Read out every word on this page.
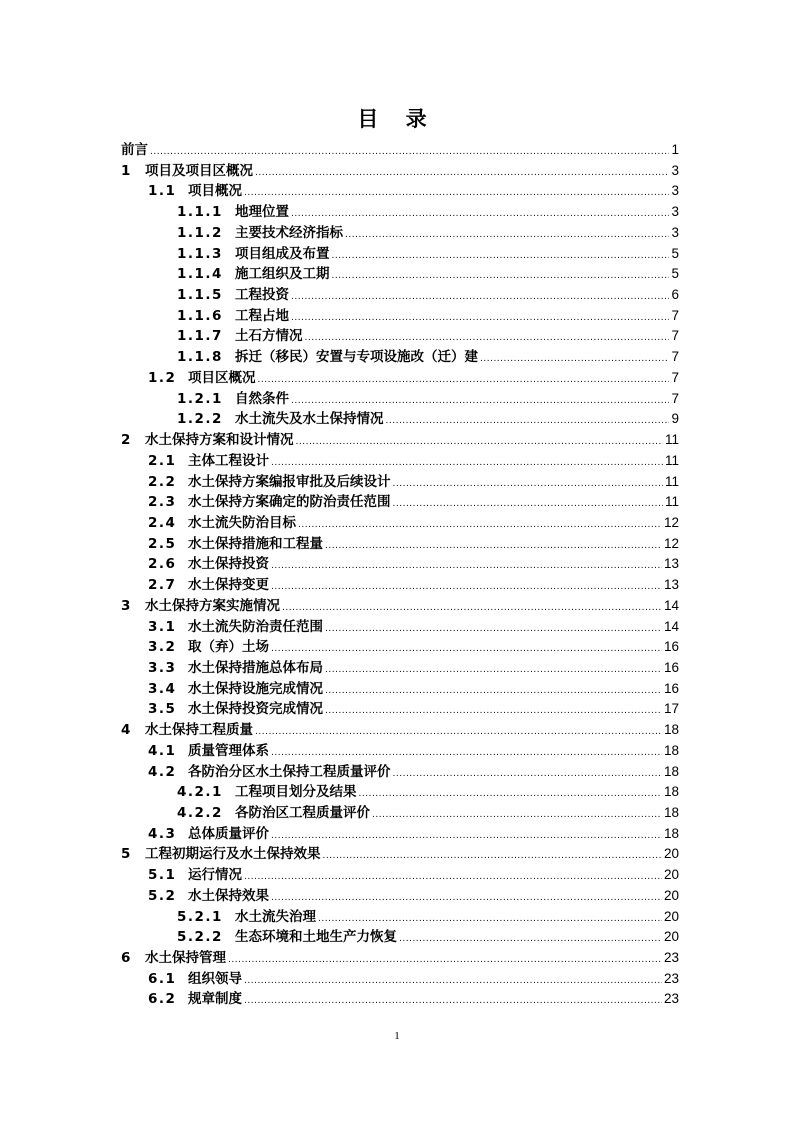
目 录
前言 .....	1
1 项目及项目区概况 .....	3
1.1 项目概况 .....	3
1.1.1 地理位置 .....	3
1.1.2 主要技术经济指标 .....	3
1.1.3 项目组成及布置 .....	5
1.1.4 施工组织及工期 .....	5
1.1.5 工程投资 .....	6
1.1.6 工程占地 .....	7
1.1.7 土石方情况 .....	7
1.1.8 拆迁（移民）安置与专项设施改（迁）建 .....	7
1.2 项目区概况 .....	7
1.2.1 自然条件 .....	7
1.2.2 水土流失及水土保持情况 .....	9
2 水土保持方案和设计情况 .....	11
2.1 主体工程设计 .....	11
2.2 水土保持方案编报审批及后续设计 .....	11
2.3 水土保持方案确定的防治责任范围 .....	11
2.4 水土流失防治目标 .....	12
2.5 水土保持措施和工程量 .....	12
2.6 水土保持投资 .....	13
2.7 水土保持变更 .....	13
3 水土保持方案实施情况 .....	14
3.1 水土流失防治责任范围 .....	14
3.2 取（弃）土场 .....	16
3.3 水土保持措施总体布局 .....	16
3.4 水土保持设施完成情况 .....	16
3.5 水土保持投资完成情况 .....	17
4 水土保持工程质量 .....	18
4.1 质量管理体系 .....	18
4.2 各防治分区水土保持工程质量评价 .....	18
4.2.1 工程项目划分及结果 .....	18
4.2.2 各防治区工程质量评价 .....	18
4.3 总体质量评价 .....	18
5 工程初期运行及水土保持效果 .....	20
5.1 运行情况 .....	20
5.2 水土保持效果 .....	20
5.2.1 水土流失治理 .....	20
5.2.2 生态环境和土地生产力恢复 .....	20
6 水土保持管理 .....	23
6.1 组织领导 .....	23
6.2 规章制度 .....	23
1
